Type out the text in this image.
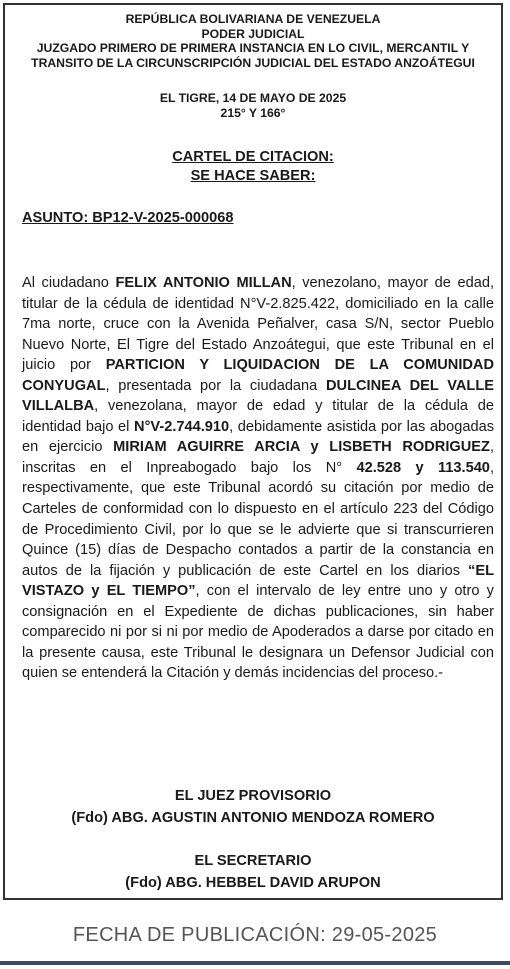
REPÚBLICA BOLIVARIANA DE VENEZUELA
PODER JUDICIAL
JUZGADO PRIMERO DE PRIMERA INSTANCIA EN LO CIVIL, MERCANTIL Y
TRANSITO DE LA CIRCUNSCRIPCIÓN JUDICIAL DEL ESTADO ANZOÁTEGUI
EL TIGRE, 14 DE MAYO DE 2025
215° Y 166°
CARTEL DE CITACION:
SE HACE SABER:
ASUNTO: BP12-V-2025-000068
Al ciudadano FELIX ANTONIO MILLAN, venezolano, mayor de edad, titular de la cédula de identidad N°V-2.825.422, domiciliado en la calle 7ma norte, cruce con la Avenida Peñalver, casa S/N, sector Pueblo Nuevo Norte, El Tigre del Estado Anzoátegui, que este Tribunal en el juicio por PARTICION Y LIQUIDACION DE LA COMUNIDAD CONYUGAL, presentada por la ciudadana DULCINEA DEL VALLE VILLALBA, venezolana, mayor de edad y titular de la cédula de identidad bajo el N°V-2.744.910, debidamente asistida por las abogadas en ejercicio MIRIAM AGUIRRE ARCIA y LISBETH RODRIGUEZ, inscritas en el Inpreabogado bajo los N° 42.528 y 113.540, respectivamente, que este Tribunal acordó su citación por medio de Carteles de conformidad con lo dispuesto en el artículo 223 del Código de Procedimiento Civil, por lo que se le advierte que si transcurrieren Quince (15) días de Despacho contados a partir de la constancia en autos de la fijación y publicación de este Cartel en los diarios “EL VISTAZO y EL TIEMPO”, con el intervalo de ley entre uno y otro y consignación en el Expediente de dichas publicaciones, sin haber comparecido ni por si ni por medio de Apoderados a darse por citado en la presente causa, este Tribunal le designara un Defensor Judicial con quien se entenderá la Citación y demás incidencias del proceso.-
EL JUEZ PROVISORIO
(Fdo) ABG. AGUSTIN ANTONIO MENDOZA ROMERO
EL SECRETARIO
(Fdo) ABG. HEBBEL DAVID ARUPON
FECHA DE PUBLICACIÓN: 29-05-2025
